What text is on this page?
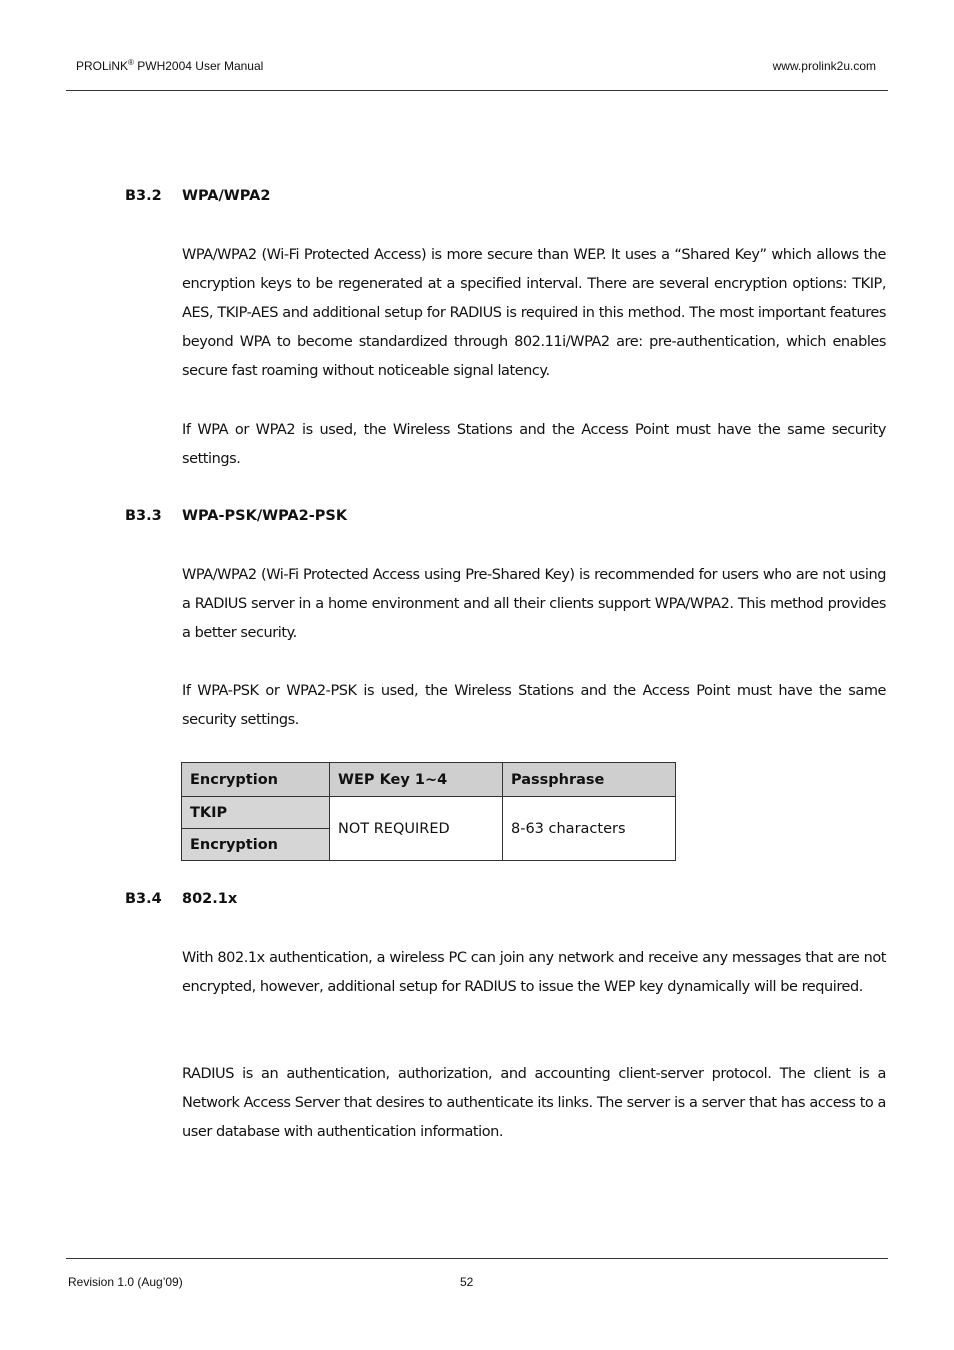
PROLiNK® PWH2004 User Manual	www.prolink2u.com
B3.2 WPA/WPA2
WPA/WPA2 (Wi-Fi Protected Access) is more secure than WEP. It uses a “Shared Key” which allows the encryption keys to be regenerated at a specified interval. There are several encryption options: TKIP, AES, TKIP-AES and additional setup for RADIUS is required in this method. The most important features beyond WPA to become standardized through 802.11i/WPA2 are: pre-authentication, which enables secure fast roaming without noticeable signal latency.
If WPA or WPA2 is used, the Wireless Stations and the Access Point must have the same security settings.
B3.3 WPA-PSK/WPA2-PSK
WPA/WPA2 (Wi-Fi Protected Access using Pre-Shared Key) is recommended for users who are not using a RADIUS server in a home environment and all their clients support WPA/WPA2. This method provides a better security.
If WPA-PSK or WPA2-PSK is used, the Wireless Stations and the Access Point must have the same security settings.
Encryption	WEP Key 1~4	Passphrase
TKIP	NOT REQUIRED	8-63 characters
Encryption		
B3.4 802.1x
With 802.1x authentication, a wireless PC can join any network and receive any messages that are not encrypted, however, additional setup for RADIUS to issue the WEP key dynamically will be required.
RADIUS is an authentication, authorization, and accounting client-server protocol. The client is a Network Access Server that desires to authenticate its links. The server is a server that has access to a user database with authentication information.
Revision 1.0 (Aug’09)	52
